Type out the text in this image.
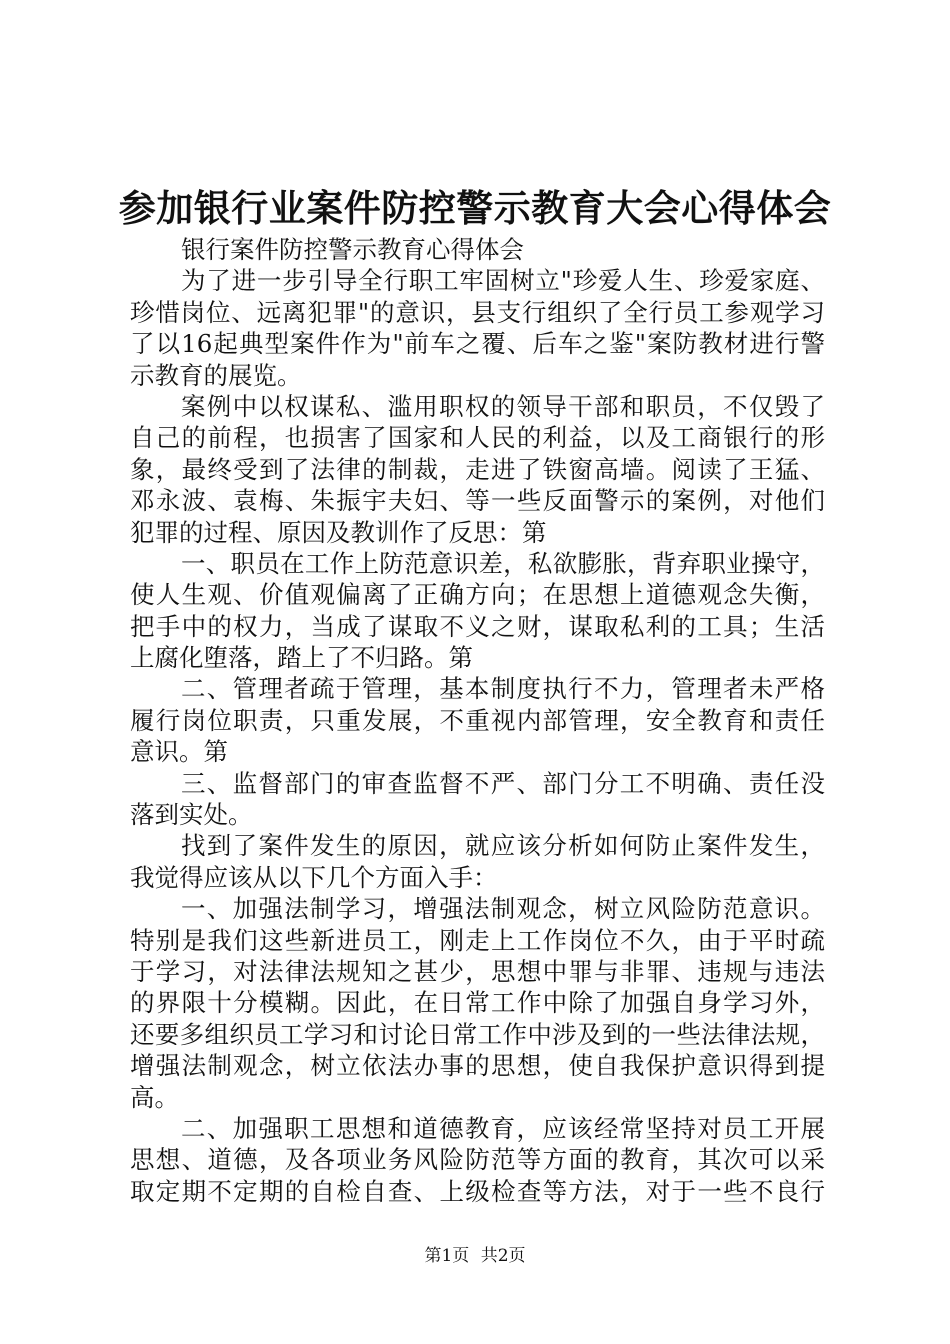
参加银行业案件防控警示教育大会心得体会
银行案件防控警示教育心得体会
为了进一步引导全行职工牢固树立"珍爱人生、珍爱家庭、
珍惜岗位、远离犯罪"的意识，县支行组织了全行员工参观学习
了以16起典型案件作为"前车之覆、后车之鉴"案防教材进行警
示教育的展览。
案例中以权谋私、滥用职权的领导干部和职员，不仅毁了
自己的前程，也损害了国家和人民的利益，以及工商银行的形
象，最终受到了法律的制裁，走进了铁窗高墙。阅读了王猛、
邓永波、袁梅、朱振宇夫妇、等一些反面警示的案例，对他们
犯罪的过程、原因及教训作了反思：第
一、职员在工作上防范意识差，私欲膨胀，背弃职业操守，
使人生观、价值观偏离了正确方向；在思想上道德观念失衡，
把手中的权力，当成了谋取不义之财，谋取私利的工具；生活
上腐化堕落，踏上了不归路。第
二、管理者疏于管理，基本制度执行不力，管理者未严格
履行岗位职责，只重发展，不重视内部管理，安全教育和责任
意识。第
三、监督部门的审查监督不严、部门分工不明确、责任没
落到实处。
找到了案件发生的原因，就应该分析如何防止案件发生，
我觉得应该从以下几个方面入手：
一、加强法制学习，增强法制观念，树立风险防范意识。
特别是我们这些新进员工，刚走上工作岗位不久，由于平时疏
于学习，对法律法规知之甚少，思想中罪与非罪、违规与违法
的界限十分模糊。因此，在日常工作中除了加强自身学习外，
还要多组织员工学习和讨论日常工作中涉及到的一些法律法规，
增强法制观念，树立依法办事的思想，使自我保护意识得到提
高。
二、加强职工思想和道德教育，应该经常坚持对员工开展
思想、道德，及各项业务风险防范等方面的教育，其次可以采
取定期不定期的自检自查、上级检查等方法，对于一些不良行
第1页 共2页
